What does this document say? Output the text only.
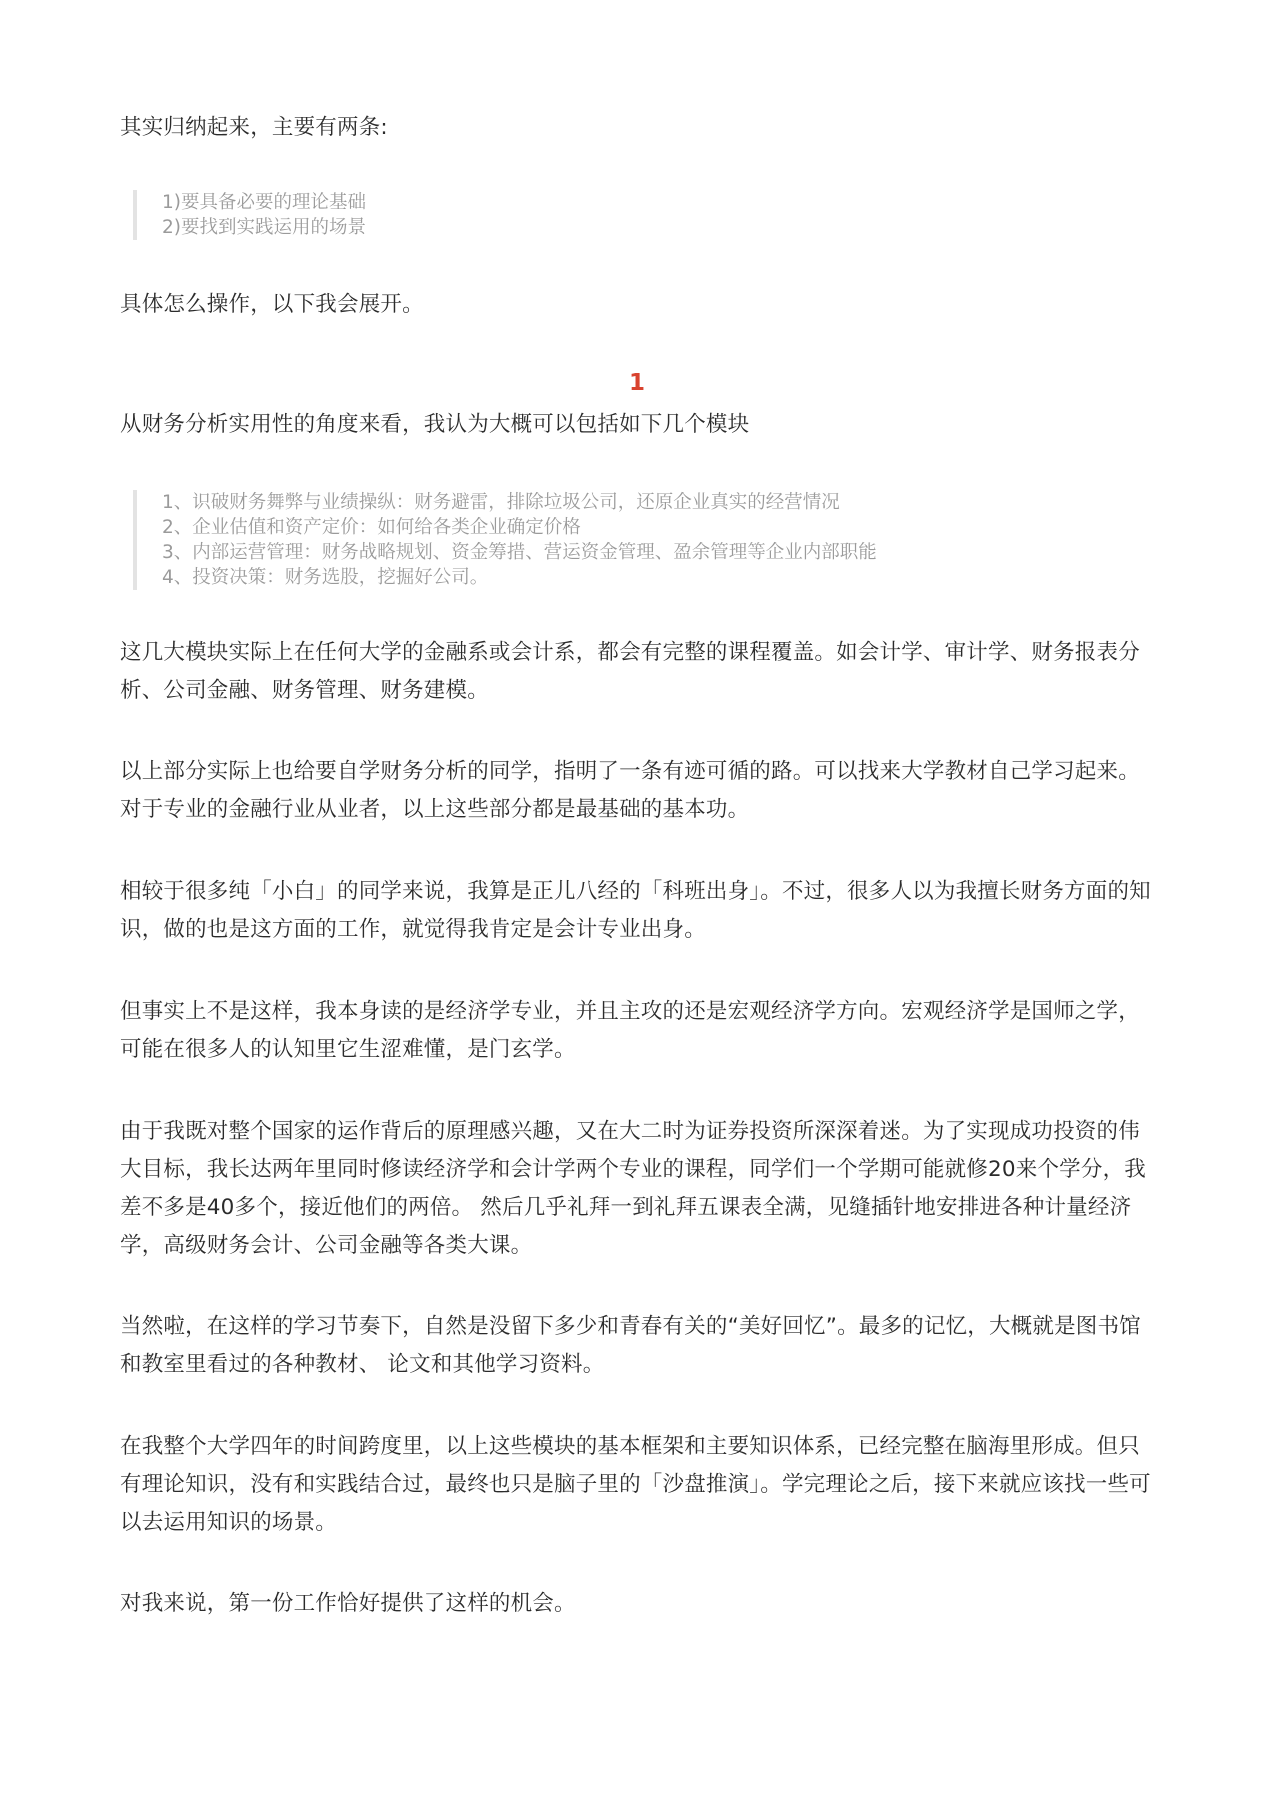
其实归纳起来，主要有两条:

1)要具备必要的理论基础
2)要找到实践运用的场景

具体怎么操作，以下我会展开。

1

从财务分析实用性的角度来看，我认为大概可以包括如下几个模块

1、识破财务舞弊与业绩操纵：财务避雷，排除垃圾公司，还原企业真实的经营情况
2、企业估值和资产定价：如何给各类企业确定价格
3、内部运营管理：财务战略规划、资金筹措、营运资金管理、盈余管理等企业内部职能
4、投资决策：财务选股，挖掘好公司。

这几大模块实际上在任何大学的金融系或会计系，都会有完整的课程覆盖。如会计学、审计学、财务报表分析、公司金融、财务管理、财务建模。

以上部分实际上也给要自学财务分析的同学，指明了一条有迹可循的路。可以找来大学教材自己学习起来。对于专业的金融行业从业者，以上这些部分都是最基础的基本功。

相较于很多纯「小白」的同学来说，我算是正儿八经的「科班出身」。不过，很多人以为我擅长财务方面的知识，做的也是这方面的工作，就觉得我肯定是会计专业出身。

但事实上不是这样，我本身读的是经济学专业，并且主攻的还是宏观经济学方向。宏观经济学是国师之学，可能在很多人的认知里它生涩难懂，是门玄学。

由于我既对整个国家的运作背后的原理感兴趣，又在大二时为证券投资所深深着迷。为了实现成功投资的伟大目标，我长达两年里同时修读经济学和会计学两个专业的课程，同学们一个学期可能就修20来个学分，我差不多是40多个，接近他们的两倍。 然后几乎礼拜一到礼拜五课表全满，见缝插针地安排进各种计量经济学，高级财务会计、公司金融等各类大课。

当然啦，在这样的学习节奏下，自然是没留下多少和青春有关的“美好回忆”。最多的记忆，大概就是图书馆和教室里看过的各种教材、 论文和其他学习资料。

在我整个大学四年的时间跨度里，以上这些模块的基本框架和主要知识体系，已经完整在脑海里形成。但只有理论知识，没有和实践结合过，最终也只是脑子里的「沙盘推演」。学完理论之后，接下来就应该找一些可以去运用知识的场景。

对我来说，第一份工作恰好提供了这样的机会。
